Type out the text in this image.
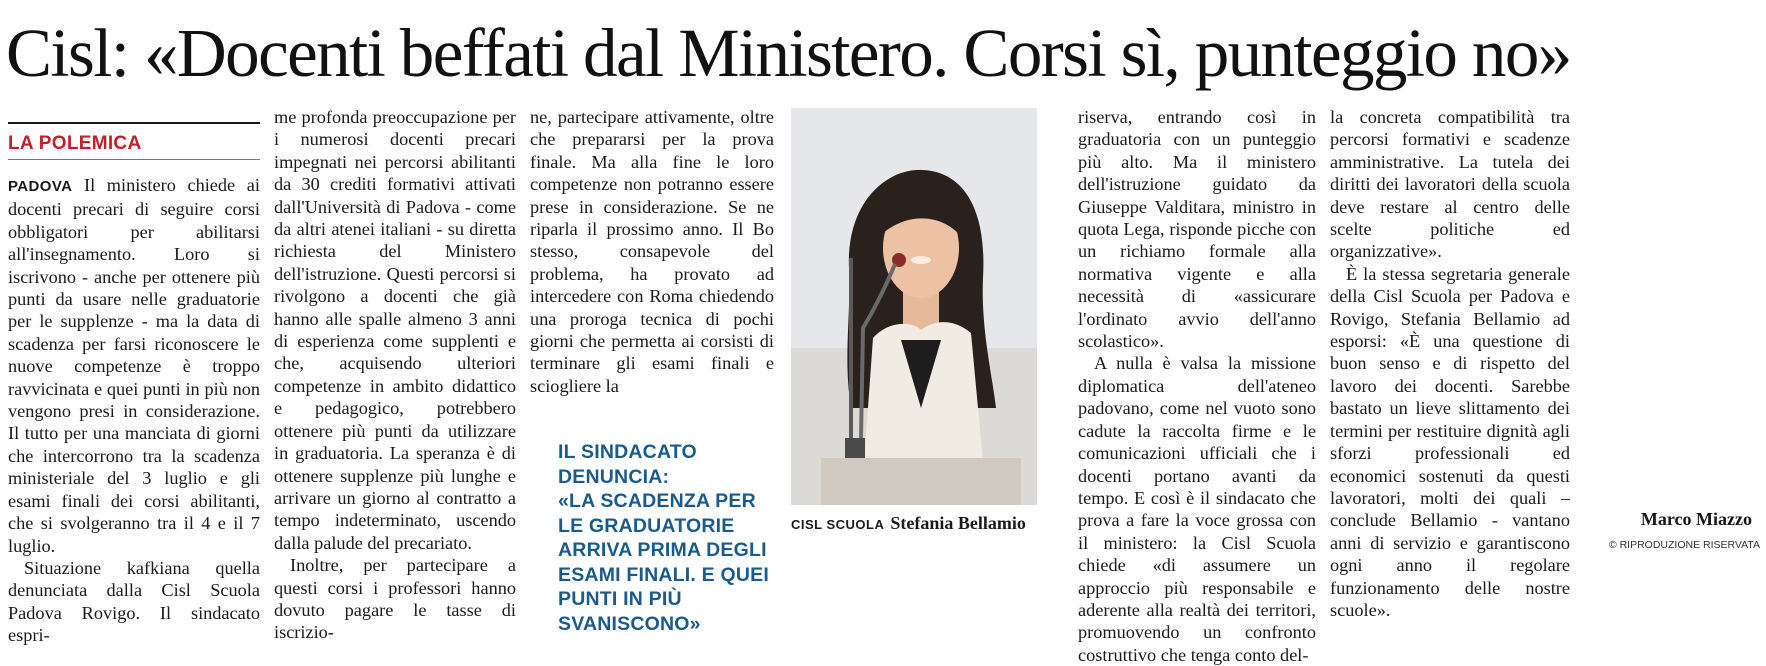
Cisl: «Docenti beffati dal Ministero. Corsi sì, punteggio no»
LA POLEMICA

PADOVA Il ministero chiede ai docenti precari di seguire corsi obbligatori per abilitarsi all'insegnamento. Loro si iscrivono - anche per ottenere più punti da usare nelle graduatorie per le supplenze - ma la data di scadenza per farsi riconoscere le nuove competenze è troppo ravvicinata e quei punti in più non vengono presi in considerazione. Il tutto per una manciata di giorni che intercorrono tra la scadenza ministeriale del 3 luglio e gli esami finali dei corsi abilitanti, che si svolgeranno tra il 4 e il 7 luglio.

Situazione kafkiana quella denunciata dalla Cisl Scuola Padova Rovigo. Il sindacato espri-

me profonda preoccupazione per i numerosi docenti precari impegnati nei percorsi abilitanti da 30 crediti formativi attivati dall'Università di Padova - come da altri atenei italiani - su diretta richiesta del Ministero dell'istruzione. Questi percorsi si rivolgono a docenti che già hanno alle spalle almeno 3 anni di esperienza come supplenti e che, acquisendo ulteriori competenze in ambito didattico e pedagogico, potrebbero ottenere più punti da utilizzare in graduatoria. La speranza è di ottenere supplenze più lunghe e arrivare un giorno al contratto a tempo indeterminato, uscendo dalla palude del precariato.

Inoltre, per partecipare a questi corsi i professori hanno dovuto pagare le tasse di iscrizio-

ne, partecipare attivamente, oltre che prepararsi per la prova finale. Ma alla fine le loro competenze non potranno essere prese in considerazione. Se ne riparla il prossimo anno. Il Bo stesso, consapevole del problema, ha provato ad intercedere con Roma chiedendo una proroga tecnica di pochi giorni che permetta ai corsisti di terminare gli esami finali e sciogliere la

IL SINDACATO DENUNCIA:
«LA SCADENZA PER LE GRADUATORIE ARRIVA PRIMA DEGLI ESAMI FINALI. E QUEI PUNTI IN PIÙ SVANISCONO»
CISL SCUOLA Stefania Bellamio

riserva, entrando così in graduatoria con un punteggio più alto. Ma il ministero dell'istruzione guidato da Giuseppe Valditara, ministro in quota Lega, risponde picche con un richiamo formale alla normativa vigente e alla necessità di «assicurare l'ordinato avvio dell'anno scolastico».

A nulla è valsa la missione diplomatica dell'ateneo padovano, come nel vuoto sono cadute la raccolta firme e le comunicazioni ufficiali che i docenti portano avanti da tempo. E così è il sindacato che prova a fare la voce grossa con il ministero: la Cisl Scuola chiede «di assumere un approccio più responsabile e aderente alla realtà dei territori, promuovendo un confronto costruttivo che tenga conto del-

la concreta compatibilità tra percorsi formativi e scadenze amministrative. La tutela dei diritti dei lavoratori della scuola deve restare al centro delle scelte politiche ed organizzative».

È la stessa segretaria generale della Cisl Scuola per Padova e Rovigo, Stefania Bellamio ad esporsi: «È una questione di buon senso e di rispetto del lavoro dei docenti. Sarebbe bastato un lieve slittamento dei termini per restituire dignità agli sforzi professionali ed economici sostenuti da questi lavoratori, molti dei quali – conclude Bellamio - vantano anni di servizio e garantiscono ogni anno il regolare funzionamento delle nostre scuole».

Marco Miazzo
© RIPRODUZIONE RISERVATA
